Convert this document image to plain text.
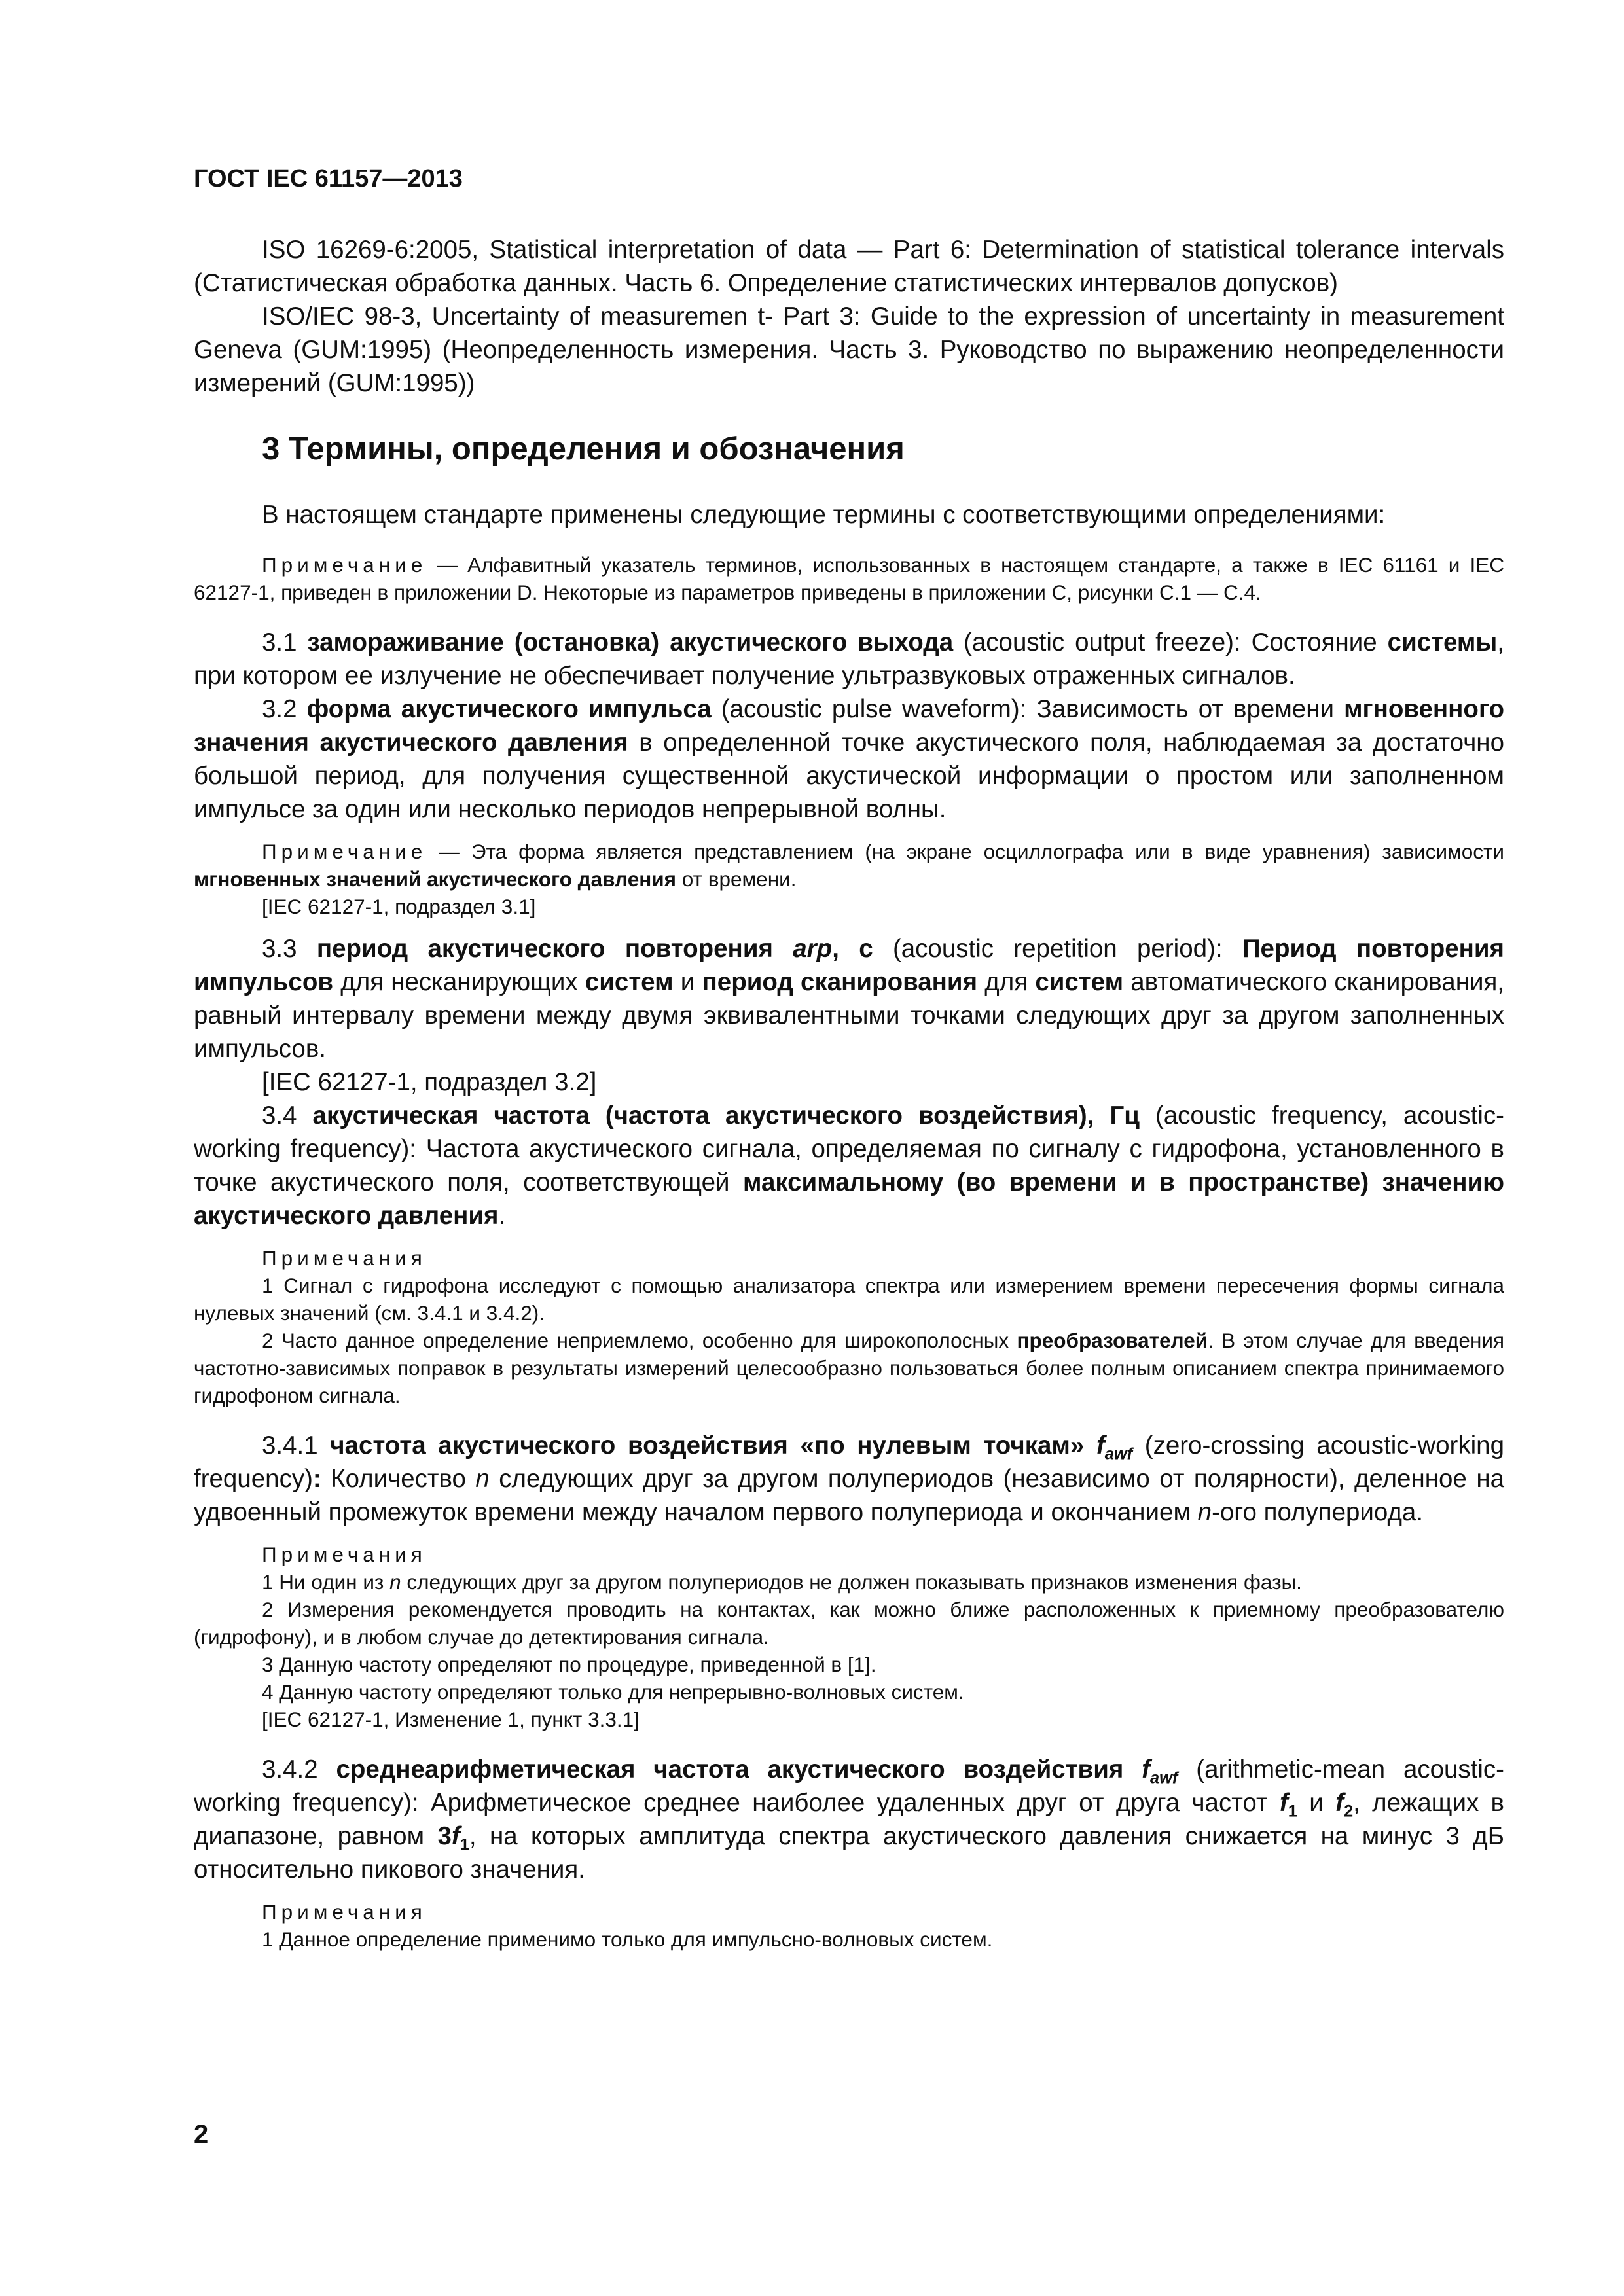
ГОСТ IEC 61157—2013

ISO 16269-6:2005, Statistical interpretation of data — Part 6: Determination of statistical tolerance intervals (Статистическая обработка данных. Часть 6. Определение статистических интервалов допусков)

ISO/IEC 98-3, Uncertainty of measuremen t- Part 3: Guide to the expression of uncertainty in measurement Geneva (GUM:1995) (Неопределенность измерения. Часть 3. Руководство по выражению неопределенности измерений (GUM:1995))

3 Термины, определения и обозначения

В настоящем стандарте применены следующие термины с соответствующими определениями:

Примечание — Алфавитный указатель терминов, использованных в настоящем стандарте, а также в IEC 61161 и IEC 62127-1, приведен в приложении D. Некоторые из параметров приведены в приложении С, рисунки С.1 — С.4.

3.1 замораживание (остановка) акустического выхода (acoustic output freeze): Состояние системы, при котором ее излучение не обеспечивает получение ультразвуковых отраженных сигналов.

3.2 форма акустического импульса (acoustic pulse waveform): Зависимость от времени мгновенного значения акустического давления в определенной точке акустического поля, наблюдаемая за достаточно большой период, для получения существенной акустической информации о простом или заполненном импульсе за один или несколько периодов непрерывной волны.

Примечание — Эта форма является представлением (на экране осциллографа или в виде уравнения) зависимости мгновенных значений акустического давления от времени.

[IEC 62127-1, подраздел 3.1]

3.3 период акустического повторения arp, с (acoustic repetition period): Период повторения импульсов для несканирующих систем и период сканирования для систем автоматического сканирования, равный интервалу времени между двумя эквивалентными точками следующих друг за другом заполненных импульсов.

[IEC 62127-1, подраздел 3.2]

3.4 акустическая частота (частота акустического воздействия), Гц (acoustic frequency, acoustic-working frequency): Частота акустического сигнала, определяемая по сигналу с гидрофона, установленного в точке акустического поля, соответствующей максимальному (во времени и в пространстве) значению акустического давления.

Примечания

1 Сигнал с гидрофона исследуют с помощью анализатора спектра или измерением времени пересечения формы сигнала нулевых значений (см. 3.4.1 и 3.4.2).

2 Часто данное определение неприемлемо, особенно для широкополосных преобразователей. В этом случае для введения частотно-зависимых поправок в результаты измерений целесообразно пользоваться более полным описанием спектра принимаемого гидрофоном сигнала.

3.4.1 частота акустического воздействия «по нулевым точкам» $f_{awf}$ (zero-crossing acoustic-working frequency): Количество n следующих друг за другом полупериодов (независимо от полярности), деленное на удвоенный промежуток времени между началом первого полупериода и окончанием n-ого полупериода.

Примечания

1 Ни один из n следующих друг за другом полупериодов не должен показывать признаков изменения фазы.

2 Измерения рекомендуется проводить на контактах, как можно ближе расположенных к приемному преобразователю (гидрофону), и в любом случае до детектирования сигнала.

3 Данную частоту определяют по процедуре, приведенной в [1].

4 Данную частоту определяют только для непрерывно-волновых систем.

[IEC 62127-1, Изменение 1, пункт 3.3.1]

3.4.2 среднеарифметическая частота акустического воздействия $f_{awf}$ (arithmetic-mean acoustic-working frequency): Арифметическое среднее наиболее удаленных друг от друга частот $f_1$ и $f_2$, лежащих в диапазоне, равном $3f_1$, на которых амплитуда спектра акустического давления снижается на минус 3 дБ относительно пикового значения.

Примечания

1 Данное определение применимо только для импульсно-волновых систем.

2
